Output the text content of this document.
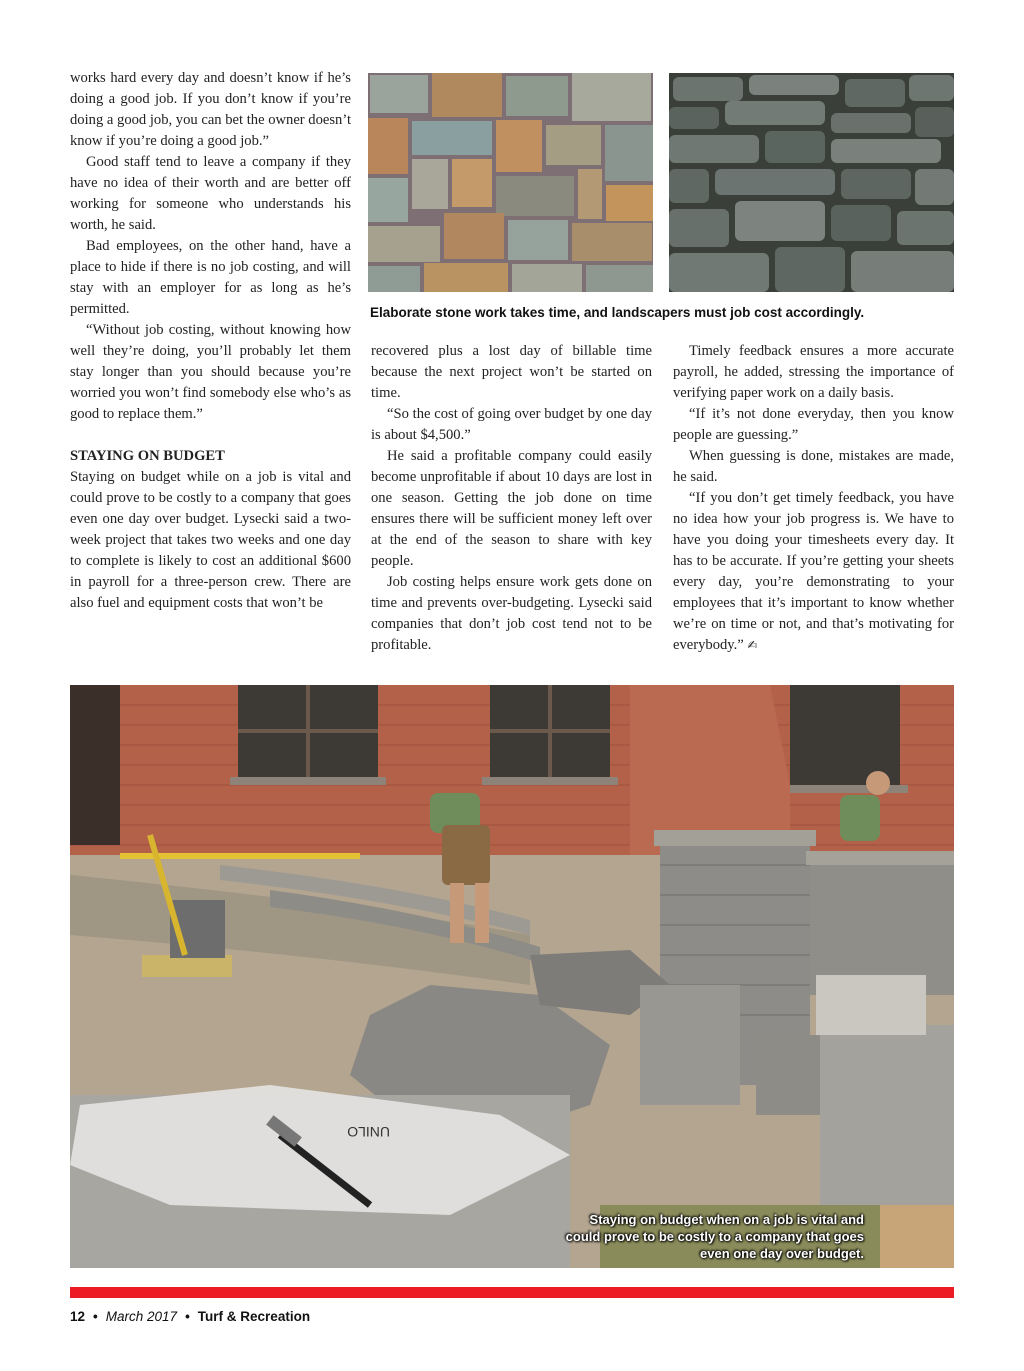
works hard every day and doesn’t know if he’s doing a good job. If you don’t know if you’re doing a good job, you can bet the owner doesn’t know if you’re doing a good job.”

Good staff tend to leave a company if they have no idea of their worth and are better off working for someone who understands his worth, he said.

Bad employees, on the other hand, have a place to hide if there is no job costing, and will stay with an employer for as long as he’s permitted.

“Without job costing, without knowing how well they’re doing, you’ll probably let them stay longer than you should because you’re worried you won’t find somebody else who’s as good to replace them.”

STAYING ON BUDGET

Staying on budget while on a job is vital and could prove to be costly to a company that goes even one day over budget. Lysecki said a two-week project that takes two weeks and one day to complete is likely to cost an additional $600 in payroll for a three-person crew. There are also fuel and equipment costs that won’t be

recovered plus a lost day of billable time because the next project won’t be started on time.

“So the cost of going over budget by one day is about $4,500.”

He said a profitable company could easily become unprofitable if about 10 days are lost in one season. Getting the job done on time ensures there will be sufficient money left over at the end of the season to share with key people.

Job costing helps ensure work gets done on time and prevents over-budgeting. Lysecki said companies that don’t job cost tend not to be profitable.

Timely feedback ensures a more accurate payroll, he added, stressing the importance of verifying paper work on a daily basis.

“If it’s not done everyday, then you know people are guessing.”

When guessing is done, mistakes are made, he said.

“If you don’t get timely feedback, you have no idea how your job progress is. We have to have you doing your timesheets every day. It has to be accurate. If you’re getting your sheets every day, you’re demonstrating to your employees that it’s important to know whether we’re on time or not, and that’s motivating for everybody.” ✍

Elaborate stone work takes time, and landscapers must job cost accordingly.
UNILO
Staying on budget when on a job is vital and could prove to be costly to a company that goes even one day over budget.
12 • March 2017 • Turf & Recreation
